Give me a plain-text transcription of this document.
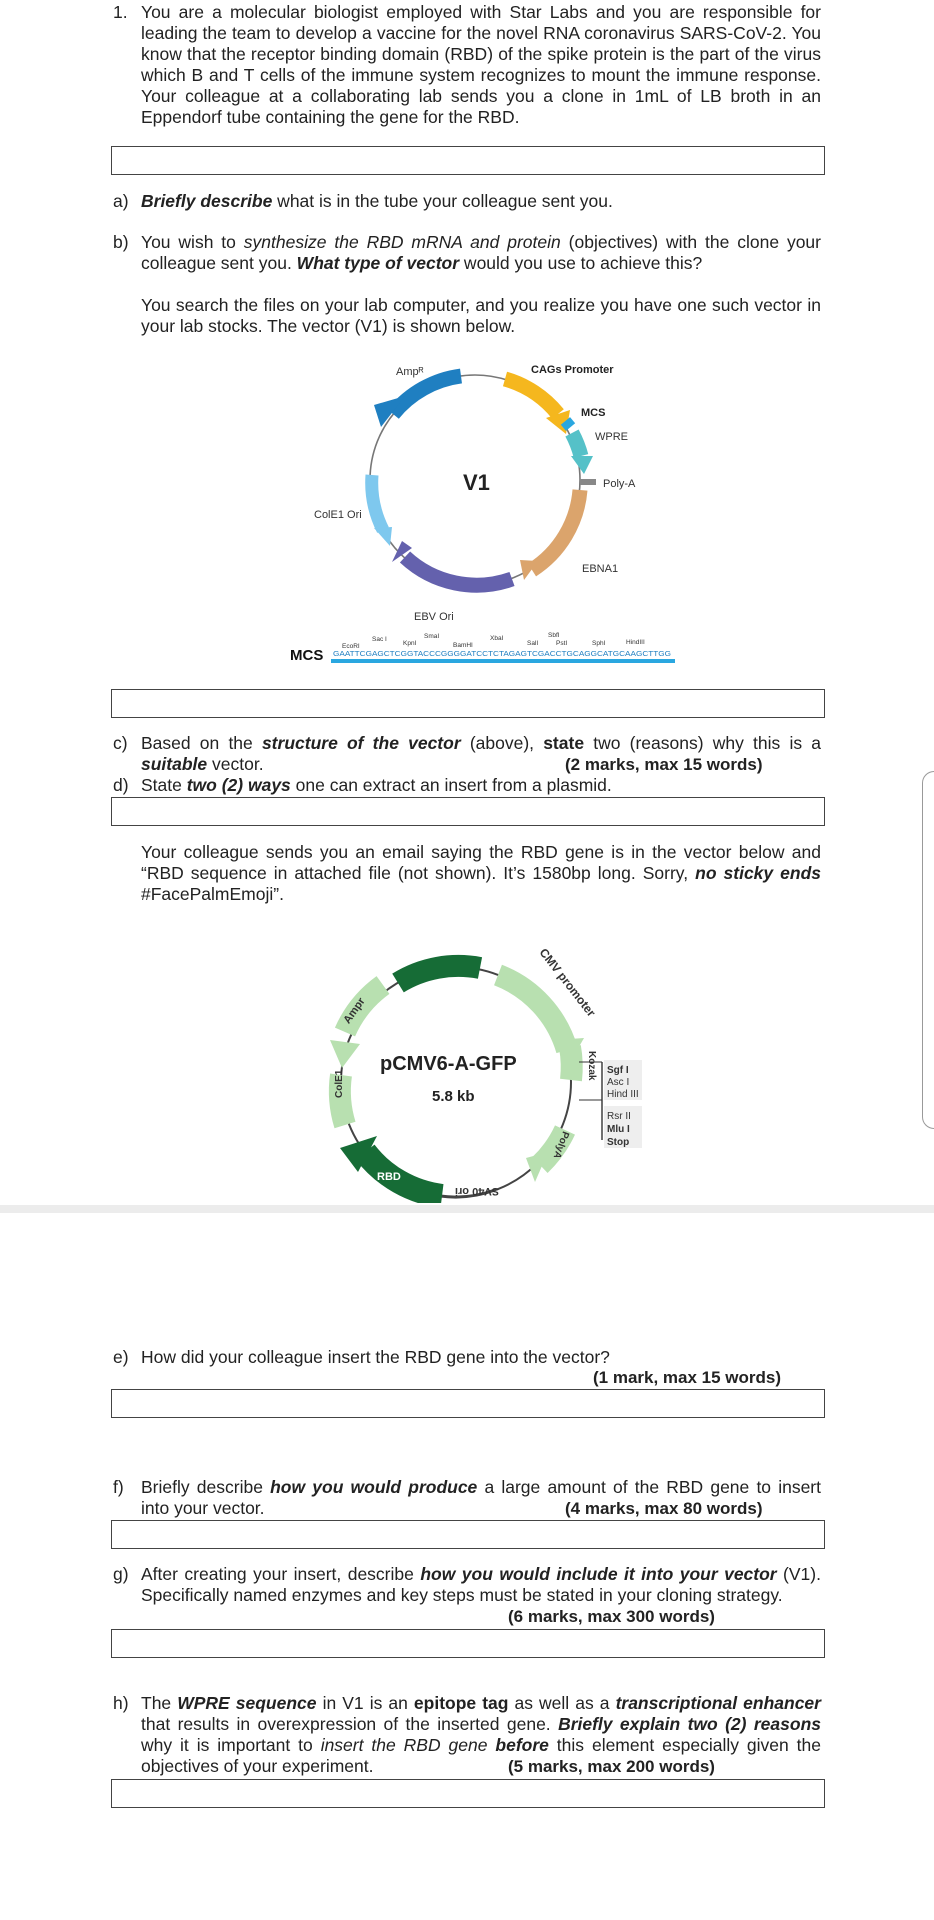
1. You are a molecular biologist employed with Star Labs and you are responsible for leading the team to develop a vaccine for the novel RNA coronavirus SARS-CoV-2. You know that the receptor binding domain (RBD) of the spike protein is the part of the virus which B and T cells of the immune system recognizes to mount the immune response. Your colleague at a collaborating lab sends you a clone in 1mL of LB broth in an Eppendorf tube containing the gene for the RBD.
a) Briefly describe what is in the tube your colleague sent you.
b) You wish to synthesize the RBD mRNA and protein (objectives) with the clone your colleague sent you. What type of vector would you use to achieve this?
You search the files on your lab computer, and you realize you have one such vector in your lab stocks. The vector (V1) is shown below.
V1
Ampᴿ	CAGs Promoter
MCS
WPRE
Poly-A
ColE1 Ori
EBNA1
EBV Ori
EcoRI
Sac I
KpnI
SmaI
BamHI
XbaI
SalI
SbfI
PstI	SphI	HindIII
MCS GAATTCGAGCTCGGTACCCGGGGATCCTCTAGAGTCGACCTGCAGGCATGCAAGCTTGG
c) Based on the structure of the vector (above), state two (reasons) why this is a suitable vector.	(2 marks, max 15 words)
d) State two (2) ways one can extract an insert from a plasmid.
Your colleague sends you an email saying the RBD gene is in the vector below and “RBD sequence in attached file (not shown). It’s 1580bp long. Sorry, no sticky ends #FacePalmEmoji”.
fi ori	CMV promoter
Kozak
PolyA
SV40 ori
RBD
ColE1
Ampr
pCMV6-A-GFP
5.8 kb
Sgf I
Asc I
Hind III
Rsr II
Mlu I
Stop
e) How did your colleague insert the RBD gene into the vector?
(1 mark, max 15 words)
f) Briefly describe how you would produce a large amount of the RBD gene to insert into your vector.	(4 marks, max 80 words)
g) After creating your insert, describe how you would include it into your vector (V1). Specifically named enzymes and key steps must be stated in your cloning strategy.
(6 marks, max 300 words)
h) The WPRE sequence in V1 is an epitope tag as well as a transcriptional enhancer that results in overexpression of the inserted gene. Briefly explain two (2) reasons why it is important to insert the RBD gene before this element especially given the objectives of your experiment.	(5 marks, max 200 words)
